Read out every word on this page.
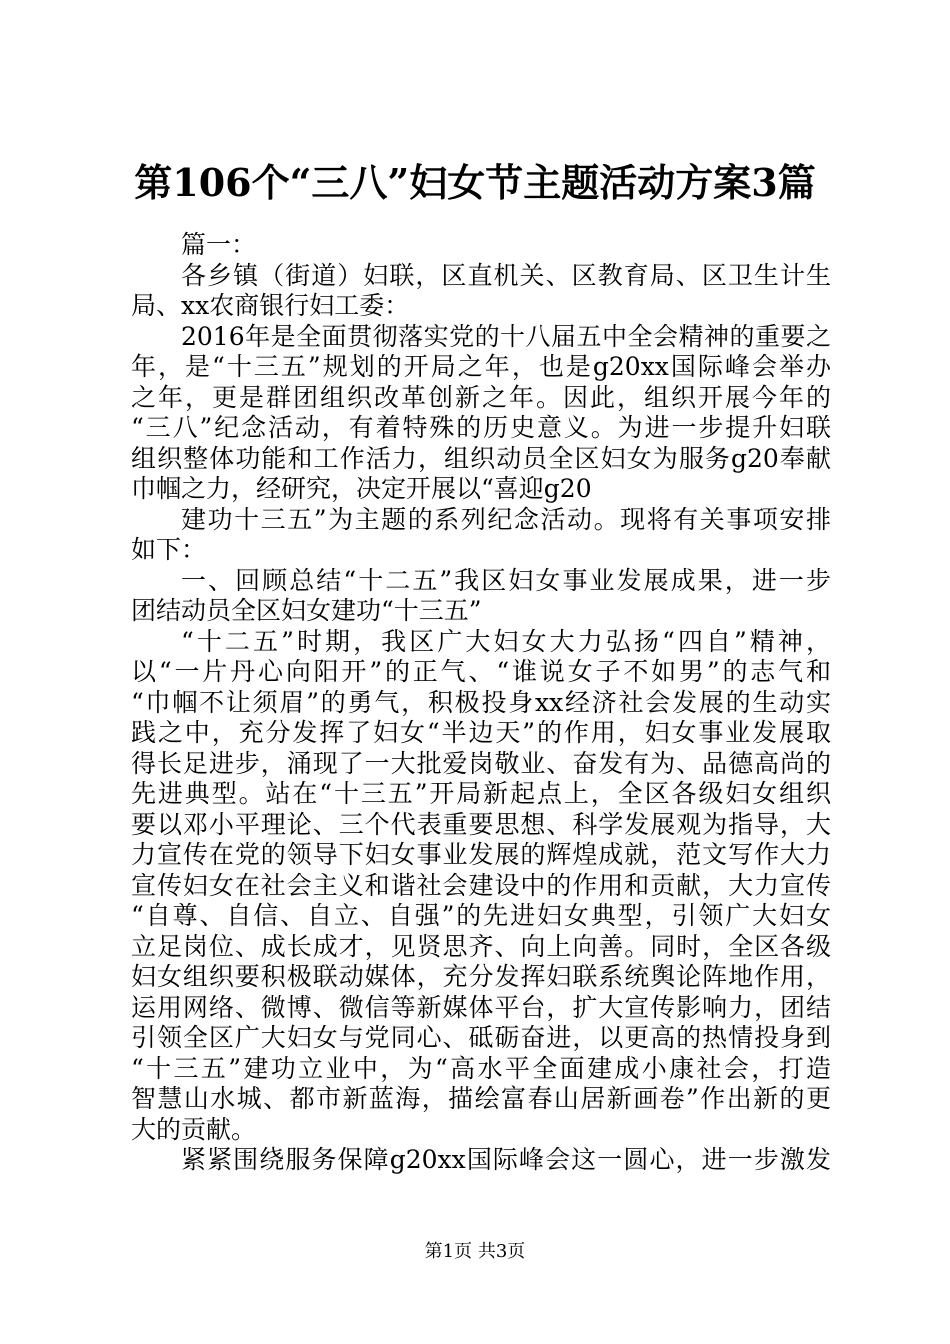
第106个“三八”妇女节主题活动方案3篇
篇一：
各乡镇（街道）妇联，区直机关、区教育局、区卫生计生
局、xx农商银行妇工委：
2016年是全面贯彻落实党的十八届五中全会精神的重要之
年，是“十三五”规划的开局之年，也是g20xx国际峰会举办
之年，更是群团组织改革创新之年。因此，组织开展今年的
“三八”纪念活动，有着特殊的历史意义。为进一步提升妇联
组织整体功能和工作活力，组织动员全区妇女为服务g20奉献
巾帼之力，经研究，决定开展以“喜迎g20
建功十三五”为主题的系列纪念活动。现将有关事项安排
如下：
一、回顾总结“十二五”我区妇女事业发展成果，进一步
团结动员全区妇女建功“十三五”
“十二五”时期，我区广大妇女大力弘扬“四自”精神，
以“一片丹心向阳开”的正气、“谁说女子不如男”的志气和
“巾帼不让须眉”的勇气，积极投身xx经济社会发展的生动实
践之中，充分发挥了妇女“半边天”的作用，妇女事业发展取
得长足进步，涌现了一大批爱岗敬业、奋发有为、品德高尚的
先进典型。站在“十三五”开局新起点上，全区各级妇女组织
要以邓小平理论、三个代表重要思想、科学发展观为指导，大
力宣传在党的领导下妇女事业发展的辉煌成就，范文写作大力
宣传妇女在社会主义和谐社会建设中的作用和贡献，大力宣传
“自尊、自信、自立、自强”的先进妇女典型，引领广大妇女
立足岗位、成长成才，见贤思齐、向上向善。同时，全区各级
妇女组织要积极联动媒体，充分发挥妇联系统舆论阵地作用，
运用网络、微博、微信等新媒体平台，扩大宣传影响力，团结
引领全区广大妇女与党同心、砥砺奋进，以更高的热情投身到
“十三五”建功立业中，为“高水平全面建成小康社会，打造
智慧山水城、都市新蓝海，描绘富春山居新画卷”作出新的更
大的贡献。
紧紧围绕服务保障g20xx国际峰会这一圆心，进一步激发
第1页 共3页
